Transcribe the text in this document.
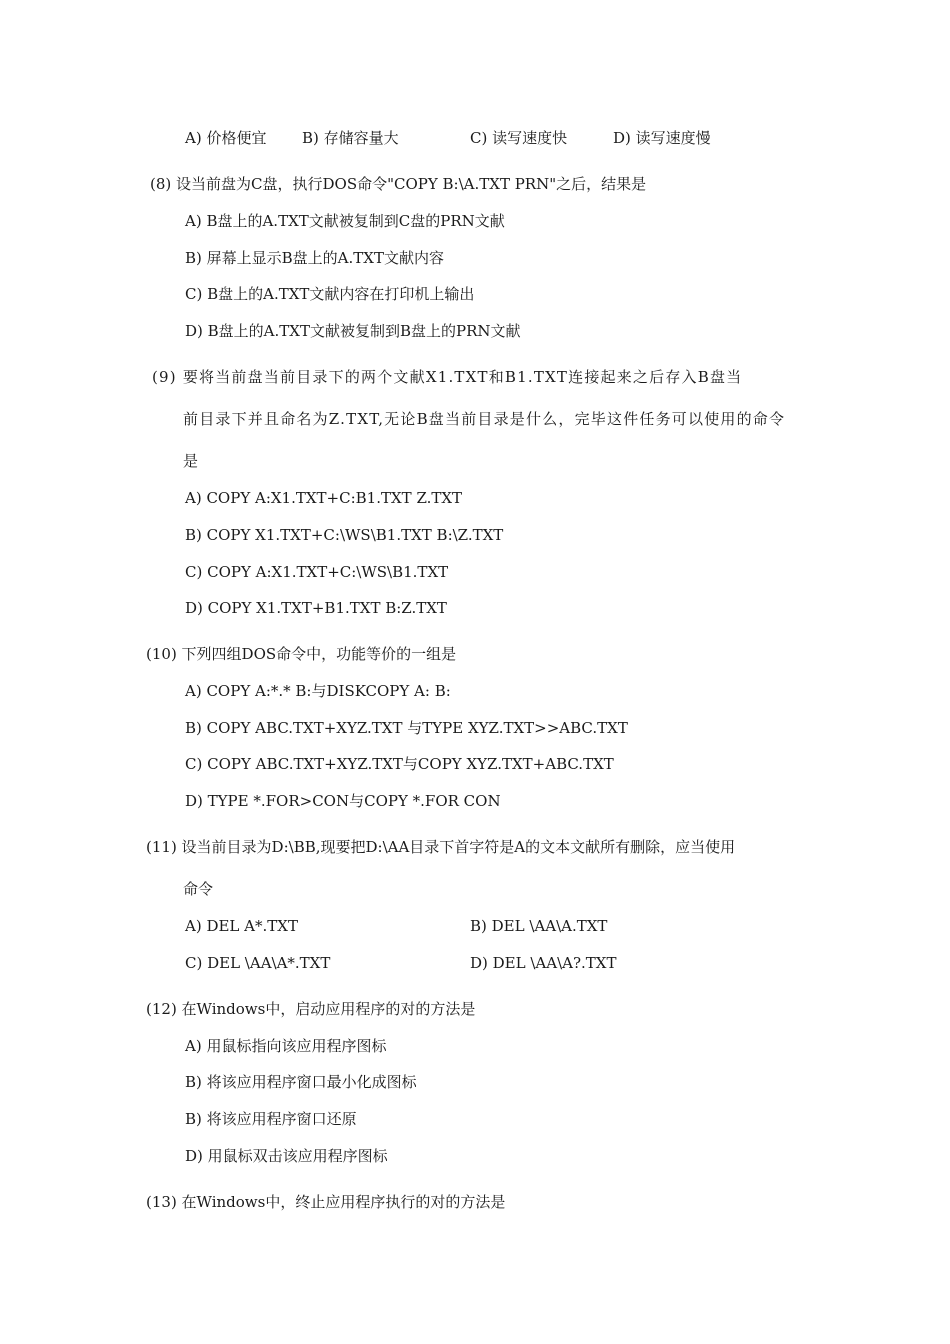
A) 价格便宜 B) 存储容量大	C) 读写速度快	D) 读写速度慢
(8) 设当前盘为C盘，执行DOS命令"COPY B:\A.TXT PRN"之后，结果是
A) B盘上的A.TXT文献被复制到C盘的PRN文献
B) 屏幕上显示B盘上的A.TXT文献内容
C) B盘上的A.TXT文献内容在打印机上输出
D) B盘上的A.TXT文献被复制到B盘上的PRN文献
(9) 要将当前盘当前目录下的两个文献X1.TXT和B1.TXT连接起来之后存入B盘当
前目录下并且命名为Z.TXT,无论B盘当前目录是什么，完毕这件任务可以使用的命令
是
A) COPY A:X1.TXT+C:B1.TXT Z.TXT
B) COPY X1.TXT+C:\WS\B1.TXT B:\Z.TXT
C) COPY A:X1.TXT+C:\WS\B1.TXT
D) COPY X1.TXT+B1.TXT B:Z.TXT
(10) 下列四组DOS命令中，功能等价的一组是
A) COPY A:*.* B:与DISKCOPY A: B:
B) COPY ABC.TXT+XYZ.TXT 与TYPE XYZ.TXT>>ABC.TXT
C) COPY ABC.TXT+XYZ.TXT与COPY XYZ.TXT+ABC.TXT
D) TYPE *.FOR>CON与COPY *.FOR CON
(11) 设当前目录为D:\BB,现要把D:\AA目录下首字符是A的文本文献所有删除，应当使用
命令
A) DEL A*.TXT	B) DEL \AA\A.TXT
C) DEL \AA\A*.TXT	D) DEL \AA\A?.TXT
(12) 在Windows中，启动应用程序的对的方法是
A) 用鼠标指向该应用程序图标
B) 将该应用程序窗口最小化成图标
B) 将该应用程序窗口还原
D) 用鼠标双击该应用程序图标
(13) 在Windows中，终止应用程序执行的对的方法是
